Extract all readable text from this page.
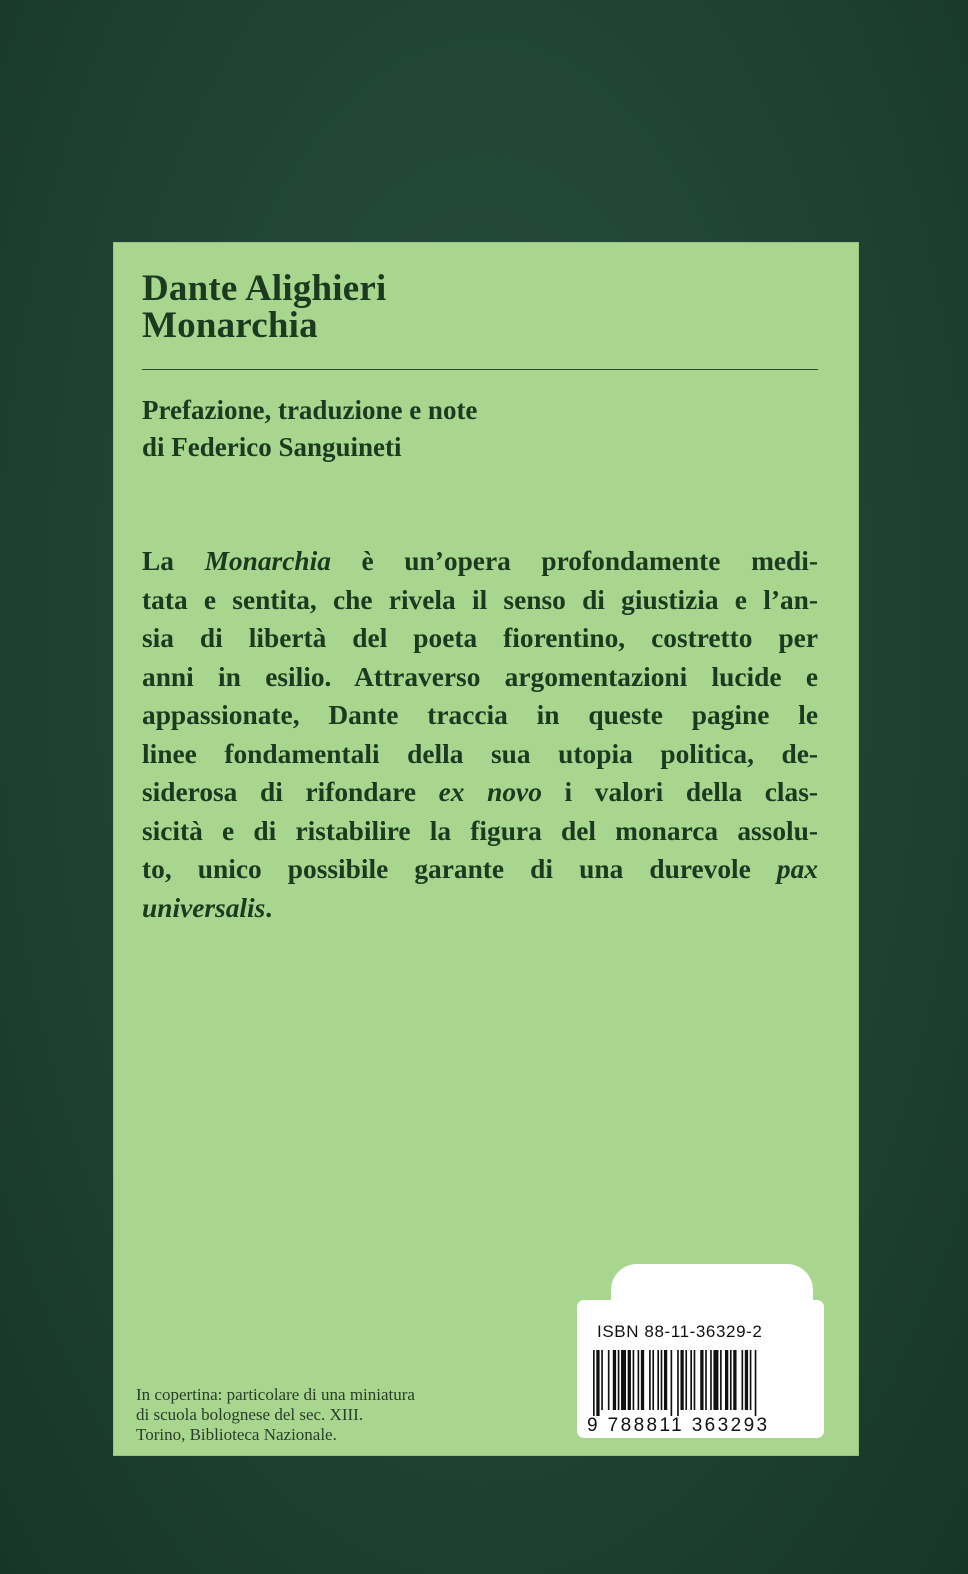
Dante Alighieri
Monarchia
Prefazione, traduzione e note
di Federico Sanguineti
La Monarchia è un’opera profondamente medi-
tata e sentita, che rivela il senso di giustizia e l’an-
sia di libertà del poeta fiorentino, costretto per
anni in esilio. Attraverso argomentazioni lucide e
appassionate, Dante traccia in queste pagine le
linee fondamentali della sua utopia politica, de-
siderosa di rifondare ex novo i valori della clas-
sicità e di ristabilire la figura del monarca assolu-
to, unico possibile garante di una durevole pax
universalis.
In copertina: particolare di una miniatura
di scuola bolognese del sec. XIII.
Torino, Biblioteca Nazionale.
ISBN 88-11-36329-2
9 788811 363293
